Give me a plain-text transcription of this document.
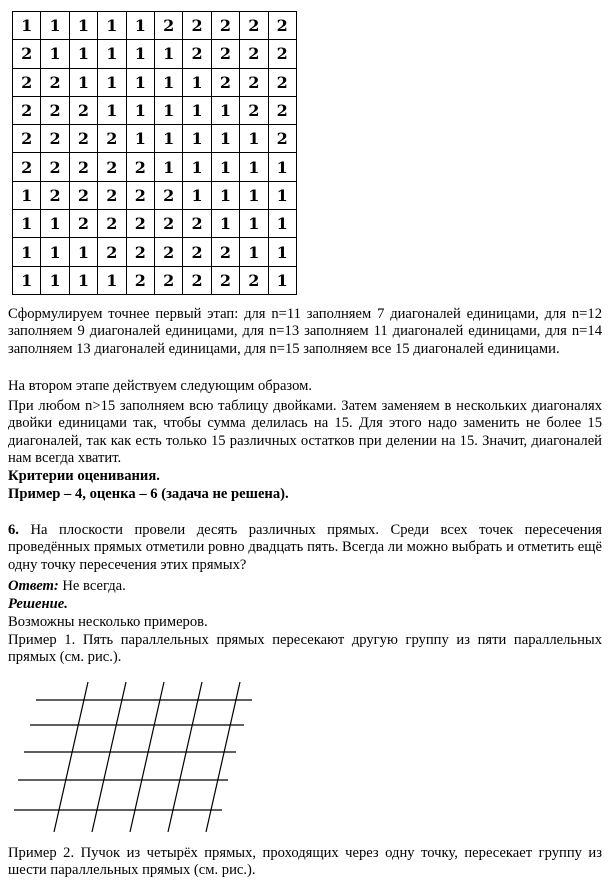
1	1	1	1	1	2	2	2	2	2
2	1	1	1	1	1	2	2	2	2
2	2	1	1	1	1	1	2	2	2
2	2	2	1	1	1	1	1	2	2
2	2	2	2	1	1	1	1	1	2
2	2	2	2	2	1	1	1	1	1
1	2	2	2	2	2	1	1	1	1
1	1	2	2	2	2	2	1	1	1
1	1	1	2	2	2	2	2	1	1
1	1	1	1	2	2	2	2	2	1

Сформулируем точнее первый этап: для n=11 заполняем 7 диагоналей единицами, для n=12 заполняем 9 диагоналей единицами, для n=13 заполняем 11 диагоналей единицами, для n=14 заполняем 13 диагоналей единицами, для n=15 заполняем все 15 диагоналей единицами.

На втором этапе действуем следующим образом.

При любом n>15 заполняем всю таблицу двойками. Затем заменяем в нескольких диагоналях двойки единицами так, чтобы сумма делилась на 15. Для этого надо заменить не более 15 диагоналей, так как есть только 15 различных остатков при делении на 15. Значит, диагоналей нам всегда хватит.

Критерии оценивания.

Пример – 4, оценка – 6 (задача не решена).

6. На плоскости провели десять различных прямых. Среди всех точек пересечения проведённых прямых отметили ровно двадцать пять. Всегда ли можно выбрать и отметить ещё одну точку пересечения этих прямых?

Ответ: Не всегда.

Решение.

Возможны несколько примеров.

Пример 1. Пять параллельных прямых пересекают другую группу из пяти параллельных прямых (см. рис.).

Пример 2. Пучок из четырёх прямых, проходящих через одну точку, пересекает группу из шести параллельных прямых (см. рис.).
